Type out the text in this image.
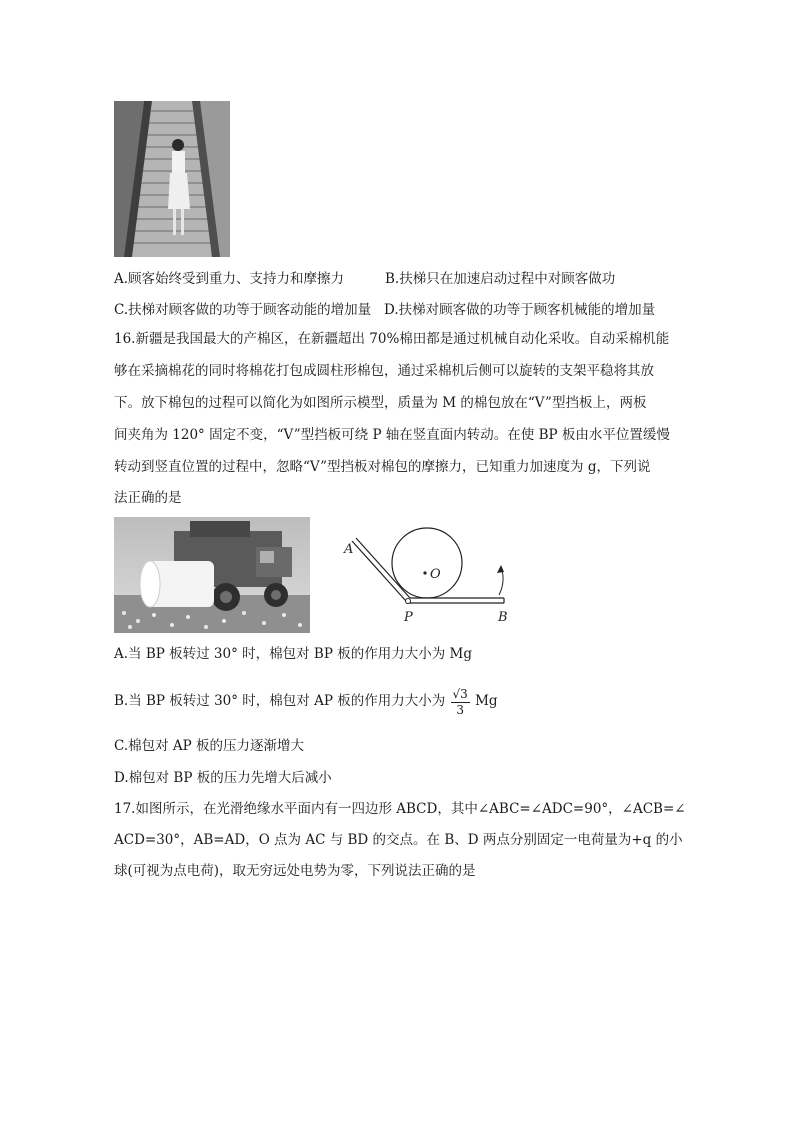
A.顾客始终受到重力、支持力和摩擦力	B.扶梯只在加速启动过程中对顾客做功
C.扶梯对顾客做的功等于顾客动能的增加量 D.扶梯对顾客做的功等于顾客机械能的增加量
16.新疆是我国最大的产棉区，在新疆超出 70%棉田都是通过机械自动化采收。自动采棉机能
够在采摘棉花的同时将棉花打包成圆柱形棉包，通过采棉机后侧可以旋转的支架平稳将其放
下。放下棉包的过程可以简化为如图所示模型，质量为 M 的棉包放在“V”型挡板上，两板
间夹角为 120° 固定不变，“V”型挡板可绕 P 轴在竖直面内转动。在使 BP 板由水平位置缓慢
转动到竖直位置的过程中，忽略“V”型挡板对棉包的摩擦力，已知重力加速度为 g，下列说
法正确的是
A
O
P	B
A.当 BP 板转过 30° 时，棉包对 BP 板的作用力大小为 Mg
B.当 BP 板转过 30° 时，棉包对 AP 板的作用力大小为 $\frac{√3}{3}$ Mg
C.棉包对 AP 板的压力逐渐增大
D.棉包对 BP 板的压力先增大后减小
17.如图所示，在光滑绝缘水平面内有一四边形 ABCD，其中∠ABC=∠ADC=90°，∠ACB=∠
ACD=30°，AB=AD，O 点为 AC 与 BD 的交点。在 B、D 两点分别固定一电荷量为+q 的小
球(可视为点电荷)，取无穷远处电势为零，下列说法正确的是
